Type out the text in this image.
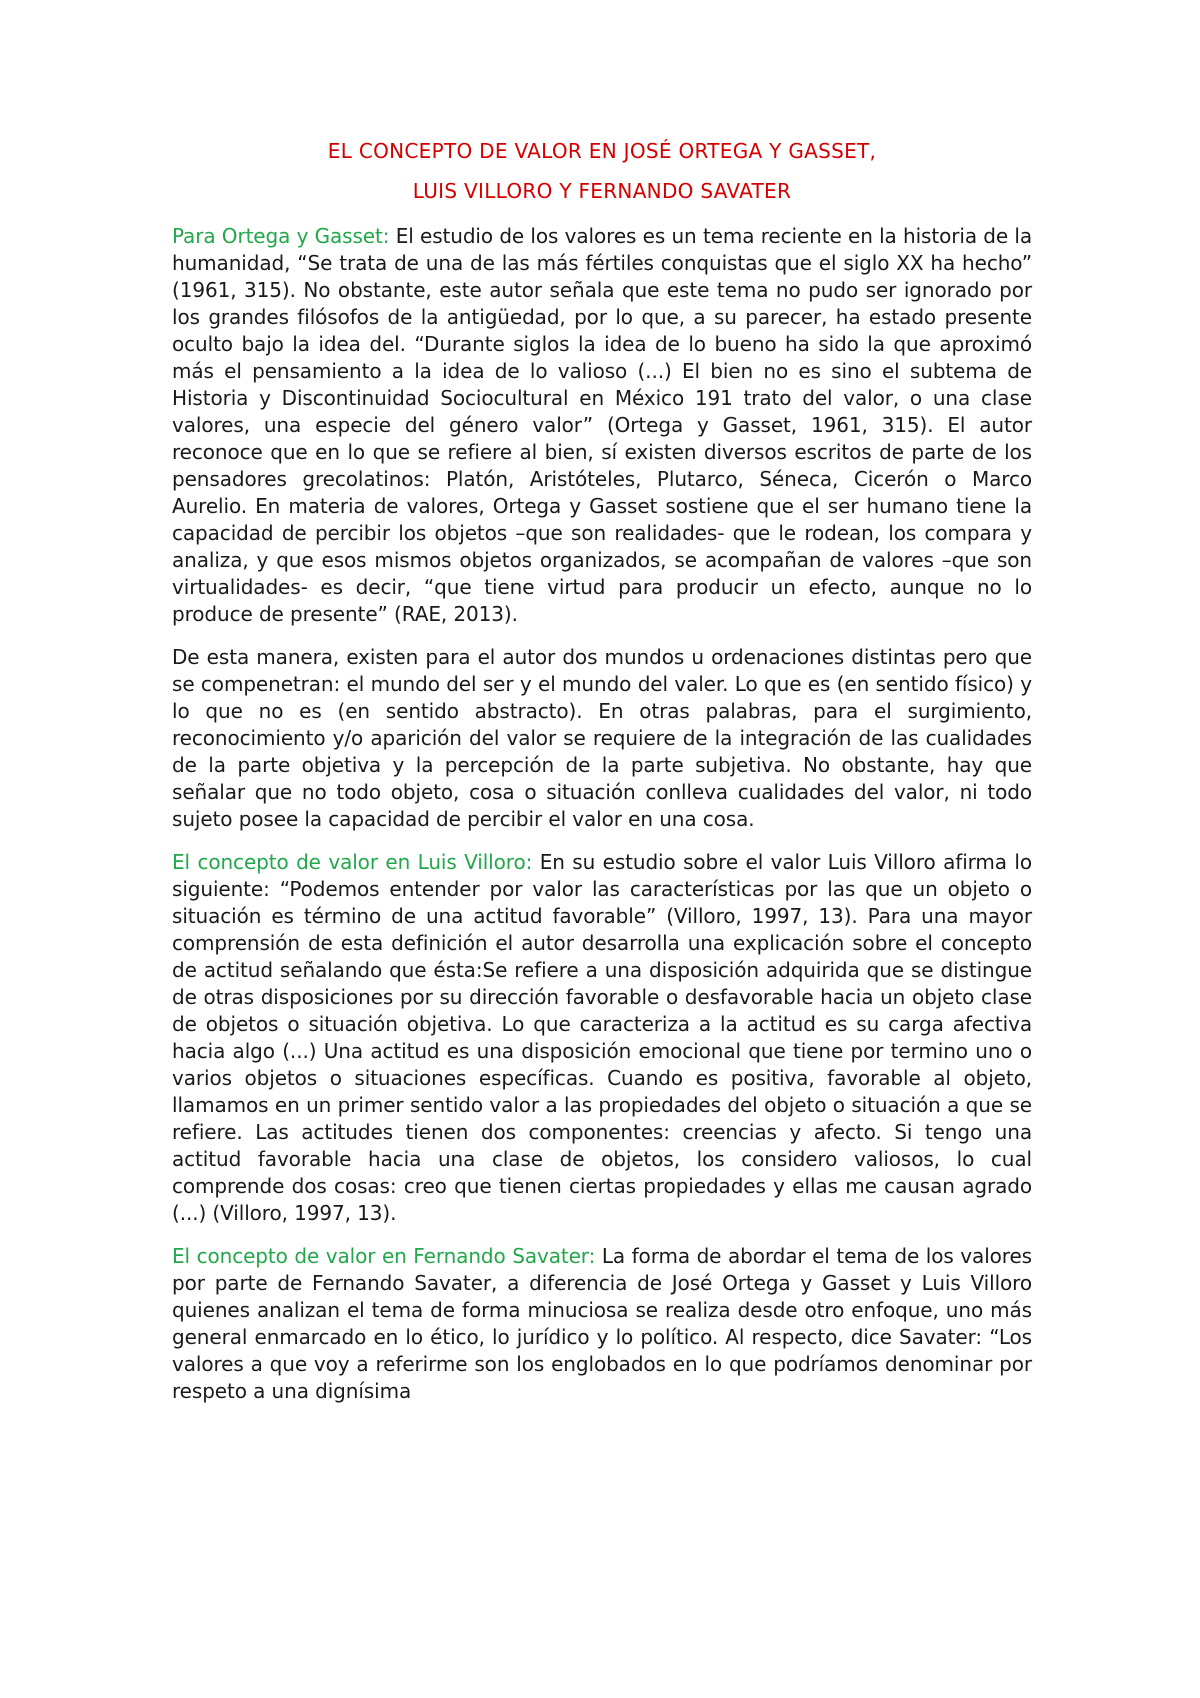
EL CONCEPTO DE VALOR EN JOSÉ ORTEGA Y GASSET,
LUIS VILLORO Y FERNANDO SAVATER

Para Ortega y Gasset: El estudio de los valores es un tema reciente en la historia de la humanidad, “Se trata de una de las más fértiles conquistas que el siglo XX ha hecho” (1961, 315). No obstante, este autor señala que este tema no pudo ser ignorado por los grandes filósofos de la antigüedad, por lo que, a su parecer, ha estado presente oculto bajo la idea del. “Durante siglos la idea de lo bueno ha sido la que aproximó más el pensamiento a la idea de lo valioso (...) El bien no es sino el subtema de Historia y Discontinuidad Sociocultural en México 191 trato del valor, o una clase valores, una especie del género valor” (Ortega y Gasset, 1961, 315). El autor reconoce que en lo que se refiere al bien, sí existen diversos escritos de parte de los pensadores grecolatinos: Platón, Aristóteles, Plutarco, Séneca, Cicerón o Marco Aurelio. En materia de valores, Ortega y Gasset sostiene que el ser humano tiene la capacidad de percibir los objetos –que son realidades- que le rodean, los compara y analiza, y que esos mismos objetos organizados, se acompañan de valores –que son virtualidades- es decir, “que tiene virtud para producir un efecto, aunque no lo produce de presente” (RAE, 2013).

De esta manera, existen para el autor dos mundos u ordenaciones distintas pero que se compenetran: el mundo del ser y el mundo del valer. Lo que es (en sentido físico) y lo que no es (en sentido abstracto). En otras palabras, para el surgimiento, reconocimiento y/o aparición del valor se requiere de la integración de las cualidades de la parte objetiva y la percepción de la parte subjetiva. No obstante, hay que señalar que no todo objeto, cosa o situación conlleva cualidades del valor, ni todo sujeto posee la capacidad de percibir el valor en una cosa.

El concepto de valor en Luis Villoro: En su estudio sobre el valor Luis Villoro afirma lo siguiente: “Podemos entender por valor las características por las que un objeto o situación es término de una actitud favorable” (Villoro, 1997, 13). Para una mayor comprensión de esta definición el autor desarrolla una explicación sobre el concepto de actitud señalando que ésta:Se refiere a una disposición adquirida que se distingue de otras disposiciones por su dirección favorable o desfavorable hacia un objeto clase de objetos o situación objetiva. Lo que caracteriza a la actitud es su carga afectiva hacia algo (...) Una actitud es una disposición emocional que tiene por termino uno o varios objetos o situaciones específicas. Cuando es positiva, favorable al objeto, llamamos en un primer sentido valor a las propiedades del objeto o situación a que se refiere. Las actitudes tienen dos componentes: creencias y afecto. Si tengo una actitud favorable hacia una clase de objetos, los considero valiosos, lo cual comprende dos cosas: creo que tienen ciertas propiedades y ellas me causan agrado (...) (Villoro, 1997, 13).

El concepto de valor en Fernando Savater: La forma de abordar el tema de los valores por parte de Fernando Savater, a diferencia de José Ortega y Gasset y Luis Villoro quienes analizan el tema de forma minuciosa se realiza desde otro enfoque, uno más general enmarcado en lo ético, lo jurídico y lo político. Al respecto, dice Savater: “Los valores a que voy a referirme son los englobados en lo que podríamos denominar por respeto a una dignísima
